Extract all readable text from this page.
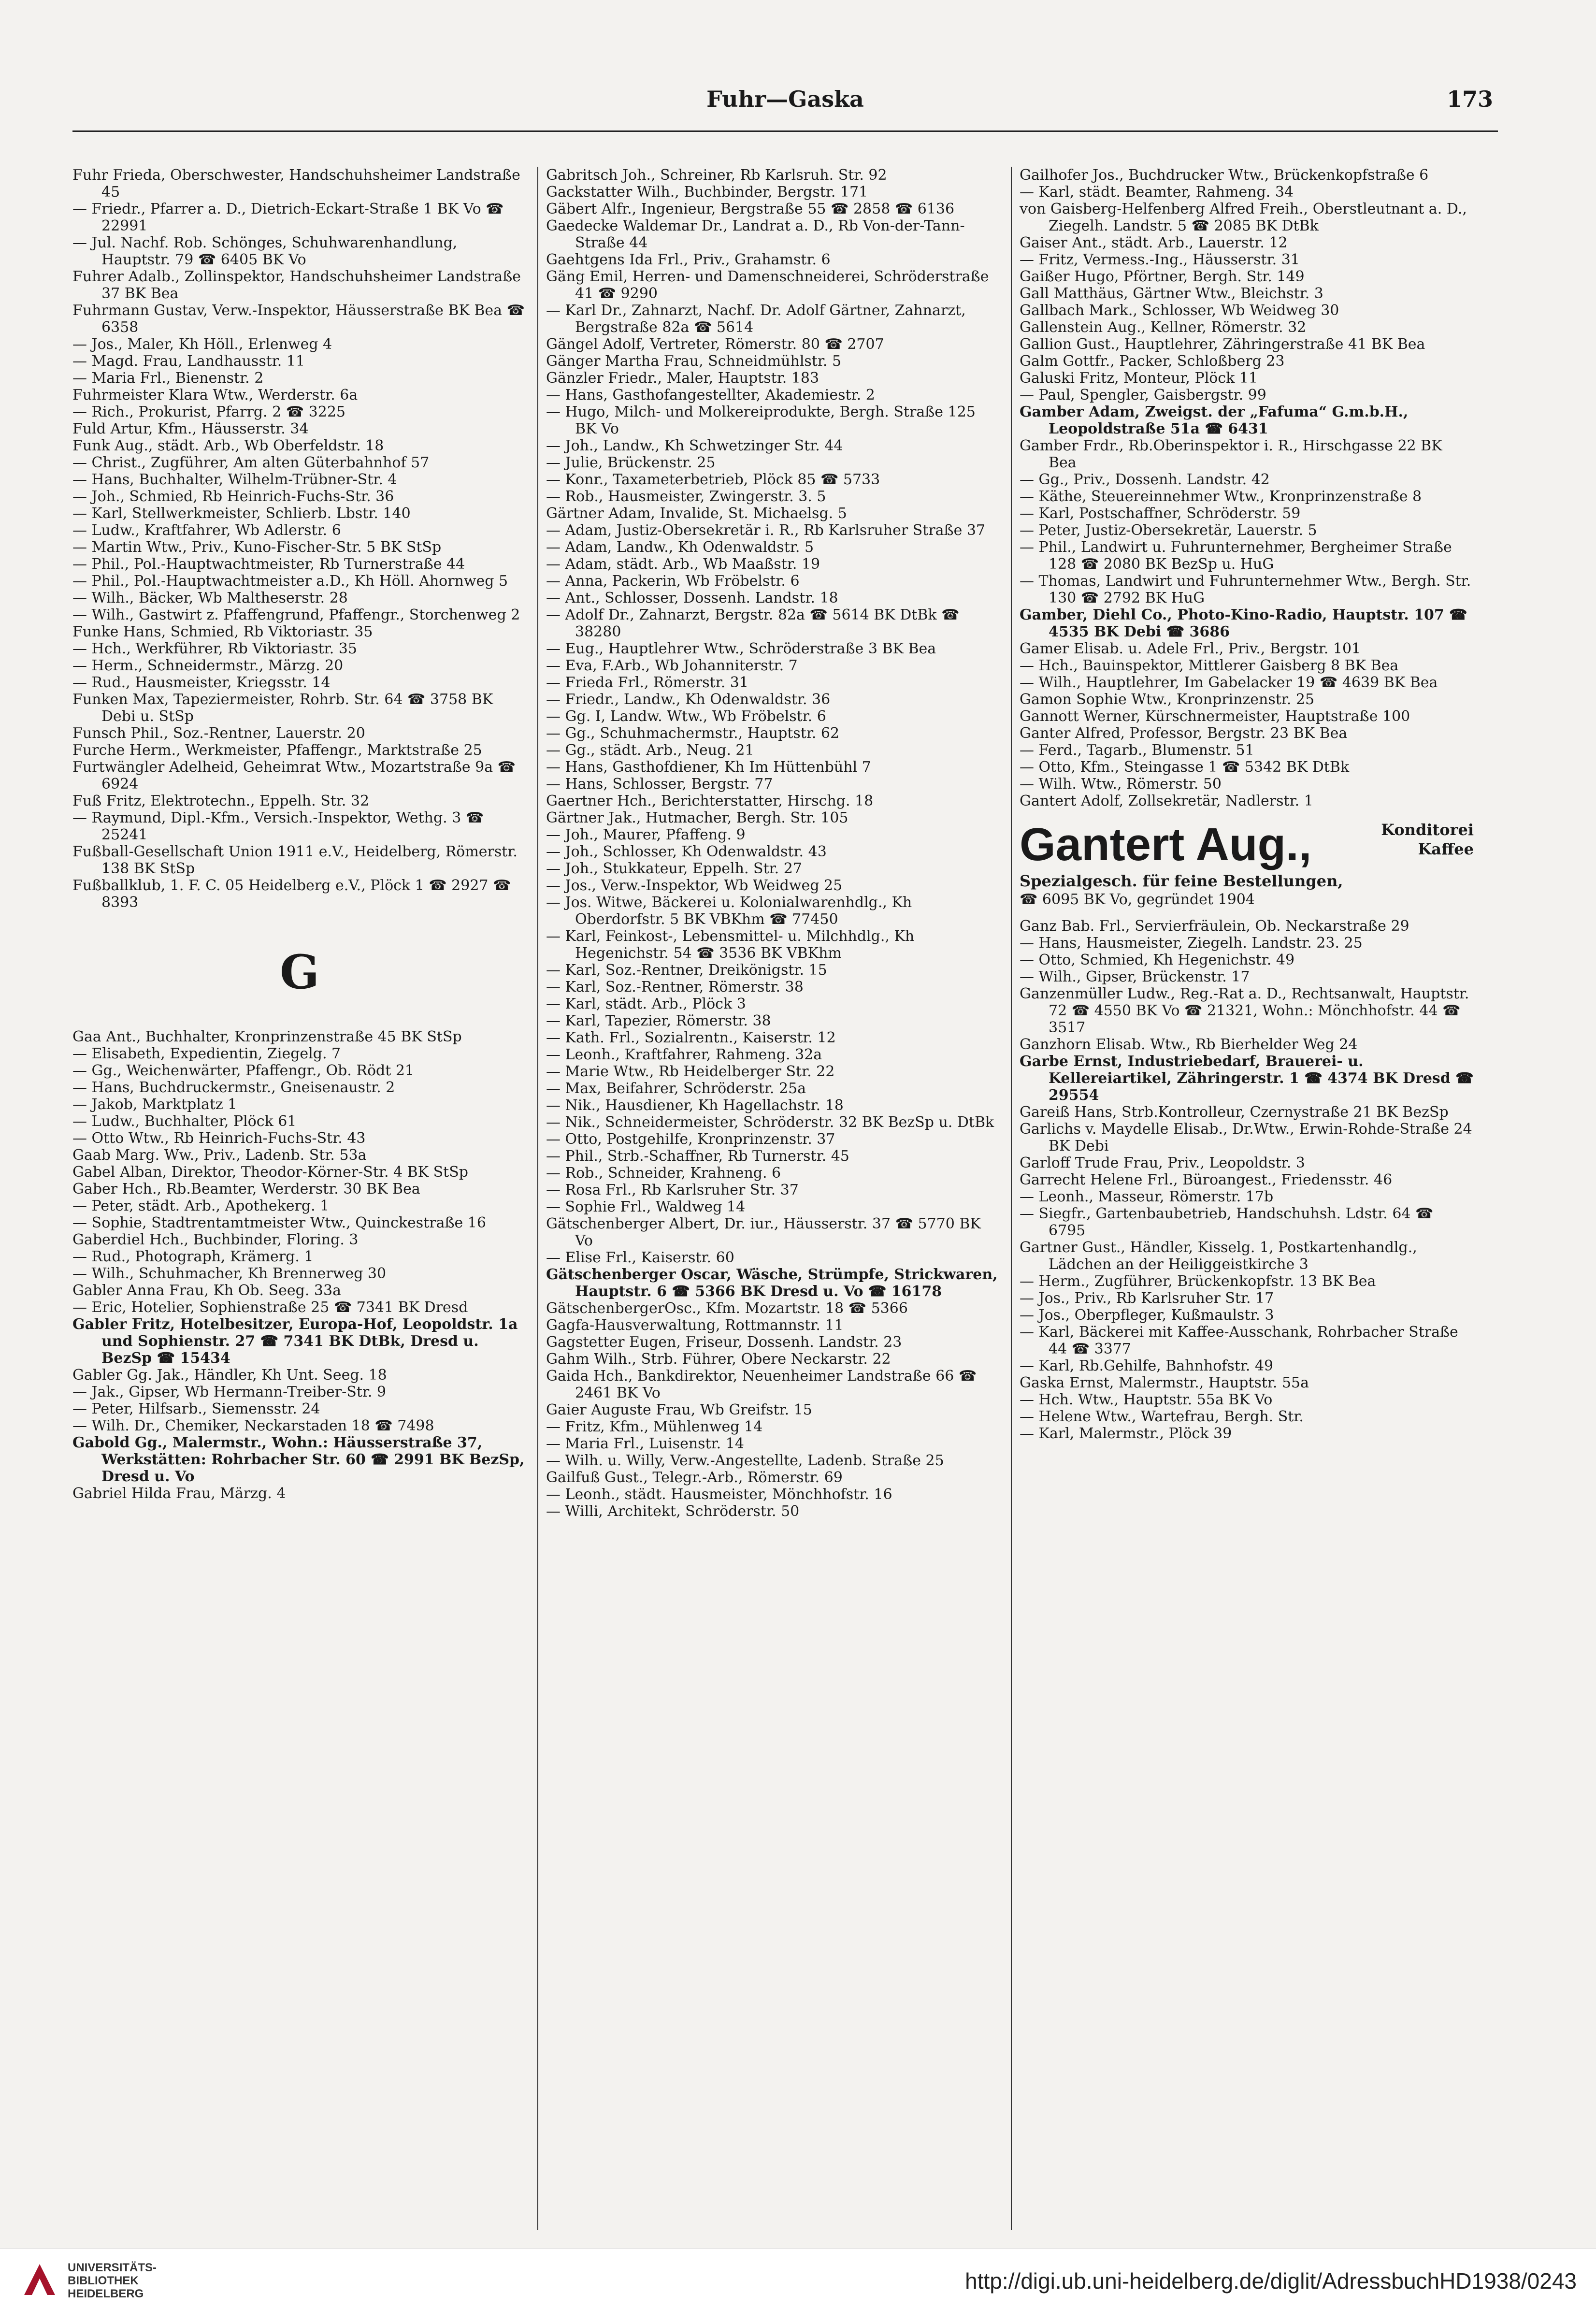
Fuhr—Gaska	173
Fuhr Frieda, Oberschwester, Handschuhsheimer Landstraße 45
— Friedr., Pfarrer a. D., Dietrich-Eckart-Straße 1 BK Vo ☎ 22991
— Jul. Nachf. Rob. Schönges, Schuhwarenhandlung, Hauptstr. 79 ☎ 6405 BK Vo
Fuhrer Adalb., Zollinspektor, Handschuhsheimer Landstraße 37 BK Bea
Fuhrmann Gustav, Verw.-Inspektor, Häusserstraße BK Bea ☎ 6358
— Jos., Maler, Kh Höll., Erlenweg 4
— Magd. Frau, Landhausstr. 11
— Maria Frl., Bienenstr. 2
Fuhrmeister Klara Wtw., Werderstr. 6a
— Rich., Prokurist, Pfarrg. 2 ☎ 3225
Fuld Artur, Kfm., Häusserstr. 34
Funk Aug., städt. Arb., Wb Oberfeldstr. 18
— Christ., Zugführer, Am alten Güterbahnhof 57
— Hans, Buchhalter, Wilhelm-Trübner-Str. 4
— Joh., Schmied, Rb Heinrich-Fuchs-Str. 36
— Karl, Stellwerkmeister, Schlierb. Lbstr. 140
— Ludw., Kraftfahrer, Wb Adlerstr. 6
— Martin Wtw., Priv., Kuno-Fischer-Str. 5 BK StSp
— Phil., Pol.-Hauptwachtmeister, Rb Turnerstraße 44
— Phil., Pol.-Hauptwachtmeister a.D., Kh Höll. Ahornweg 5
— Wilh., Bäcker, Wb Maltheserstr. 28
— Wilh., Gastwirt z. Pfaffengrund, Pfaffengr., Storchenweg 2
Funke Hans, Schmied, Rb Viktoriastr. 35
— Hch., Werkführer, Rb Viktoriastr. 35
— Herm., Schneidermstr., Märzg. 20
— Rud., Hausmeister, Kriegsstr. 14
Funken Max, Tapeziermeister, Rohrb. Str. 64 ☎ 3758 BK Debi u. StSp
Funsch Phil., Soz.-Rentner, Lauerstr. 20
Furche Herm., Werkmeister, Pfaffengr., Marktstraße 25
Furtwängler Adelheid, Geheimrat Wtw., Mozartstraße 9a ☎ 6924
Fuß Fritz, Elektrotechn., Eppelh. Str. 32
— Raymund, Dipl.-Kfm., Versich.-Inspektor, Wethg. 3 ☎ 25241
Fußball-Gesellschaft Union 1911 e.V., Heidelberg, Römerstr. 138 BK StSp
Fußballklub, 1. F. C. 05 Heidelberg e.V., Plöck 1 ☎ 2927 ☎ 8393
G
Gaa Ant., Buchhalter, Kronprinzenstraße 45 BK StSp
— Elisabeth, Expedientin, Ziegelg. 7
— Gg., Weichenwärter, Pfaffengr., Ob. Rödt 21
— Hans, Buchdruckermstr., Gneisenaustr. 2
— Jakob, Marktplatz 1
— Ludw., Buchhalter, Plöck 61
— Otto Wtw., Rb Heinrich-Fuchs-Str. 43
Gaab Marg. Ww., Priv., Ladenb. Str. 53a
Gabel Alban, Direktor, Theodor-Körner-Str. 4 BK StSp
Gaber Hch., Rb.Beamter, Werderstr. 30 BK Bea
— Peter, städt. Arb., Apothekerg. 1
— Sophie, Stadtrentamtmeister Wtw., Quinckestraße 16
Gaberdiel Hch., Buchbinder, Floring. 3
— Rud., Photograph, Krämerg. 1
— Wilh., Schuhmacher, Kh Brennerweg 30
Gabler Anna Frau, Kh Ob. Seeg. 33a
— Eric, Hotelier, Sophienstraße 25 ☎ 7341 BK Dresd
Gabler Fritz, Hotelbesitzer, Europa-Hof, Leopoldstr. 1a und Sophienstr. 27 ☎ 7341 BK DtBk, Dresd u. BezSp ☎ 15434
Gabler Gg. Jak., Händler, Kh Unt. Seeg. 18
— Jak., Gipser, Wb Hermann-Treiber-Str. 9
— Peter, Hilfsarb., Siemensstr. 24
— Wilh. Dr., Chemiker, Neckarstaden 18 ☎ 7498
Gabold Gg., Malermstr., Wohn.: Häusserstraße 37, Werkstätten: Rohrbacher Str. 60 ☎ 2991 BK BezSp, Dresd u. Vo
Gabriel Hilda Frau, Märzg. 4
Gabritsch Joh., Schreiner, Rb Karlsruh. Str. 92
Gackstatter Wilh., Buchbinder, Bergstr. 171
Gäbert Alfr., Ingenieur, Bergstraße 55 ☎ 2858 ☎ 6136
Gaedecke Waldemar Dr., Landrat a. D., Rb Von-der-Tann-Straße 44
Gaehtgens Ida Frl., Priv., Grahamstr. 6
Gäng Emil, Herren- und Damenschneiderei, Schröderstraße 41 ☎ 9290
— Karl Dr., Zahnarzt, Nachf. Dr. Adolf Gärtner, Zahnarzt, Bergstraße 82a ☎ 5614
Gängel Adolf, Vertreter, Römerstr. 80 ☎ 2707
Gänger Martha Frau, Schneidmühlstr. 5
Gänzler Friedr., Maler, Hauptstr. 183
— Hans, Gasthofangestellter, Akademiestr. 2
— Hugo, Milch- und Molkereiprodukte, Bergh. Straße 125 BK Vo
— Joh., Landw., Kh Schwetzinger Str. 44
— Julie, Brückenstr. 25
— Konr., Taxameterbetrieb, Plöck 85 ☎ 5733
— Rob., Hausmeister, Zwingerstr. 3. 5
Gärtner Adam, Invalide, St. Michaelsg. 5
— Adam, Justiz-Obersekretär i. R., Rb Karlsruher Straße 37
— Adam, Landw., Kh Odenwaldstr. 5
— Adam, städt. Arb., Wb Maaßstr. 19
— Anna, Packerin, Wb Fröbelstr. 6
— Ant., Schlosser, Dossenh. Landstr. 18
— Adolf Dr., Zahnarzt, Bergstr. 82a ☎ 5614 BK DtBk ☎ 38280
— Eug., Hauptlehrer Wtw., Schröderstraße 3 BK Bea
— Eva, F.Arb., Wb Johanniterstr. 7
— Frieda Frl., Römerstr. 31
— Friedr., Landw., Kh Odenwaldstr. 36
— Gg. I, Landw. Wtw., Wb Fröbelstr. 6
— Gg., Schuhmachermstr., Hauptstr. 62
— Gg., städt. Arb., Neug. 21
— Hans, Gasthofdiener, Kh Im Hüttenbühl 7
— Hans, Schlosser, Bergstr. 77
Gaertner Hch., Berichterstatter, Hirschg. 18
Gärtner Jak., Hutmacher, Bergh. Str. 105
— Joh., Maurer, Pfaffeng. 9
— Joh., Schlosser, Kh Odenwaldstr. 43
— Joh., Stukkateur, Eppelh. Str. 27
— Jos., Verw.-Inspektor, Wb Weidweg 25
— Jos. Witwe, Bäckerei u. Kolonialwarenhdlg., Kh Oberdorfstr. 5 BK VBKhm ☎ 77450
— Karl, Feinkost-, Lebensmittel- u. Milchhdlg., Kh Hegenichstr. 54 ☎ 3536 BK VBKhm
— Karl, Soz.-Rentner, Dreikönigstr. 15
— Karl, Soz.-Rentner, Römerstr. 38
— Karl, städt. Arb., Plöck 3
— Karl, Tapezier, Römerstr. 38
— Kath. Frl., Sozialrentn., Kaiserstr. 12
— Leonh., Kraftfahrer, Rahmeng. 32a
— Marie Wtw., Rb Heidelberger Str. 22
— Max, Beifahrer, Schröderstr. 25a
— Nik., Hausdiener, Kh Hagellachstr. 18
— Nik., Schneidermeister, Schröderstr. 32 BK BezSp u. DtBk
— Otto, Postgehilfe, Kronprinzenstr. 37
— Phil., Strb.-Schaffner, Rb Turnerstr. 45
— Rob., Schneider, Krahneng. 6
— Rosa Frl., Rb Karlsruher Str. 37
— Sophie Frl., Waldweg 14
Gätschenberger Albert, Dr. iur., Häusserstr. 37 ☎ 5770 BK Vo
— Elise Frl., Kaiserstr. 60
Gätschenberger Oscar, Wäsche, Strümpfe, Strickwaren, Hauptstr. 6 ☎ 5366 BK Dresd u. Vo ☎ 16178
GätschenbergerOsc., Kfm. Mozartstr. 18 ☎ 5366
Gagfa-Hausverwaltung, Rottmannstr. 11
Gagstetter Eugen, Friseur, Dossenh. Landstr. 23
Gahm Wilh., Strb. Führer, Obere Neckarstr. 22
Gaida Hch., Bankdirektor, Neuenheimer Landstraße 66 ☎ 2461 BK Vo
Gaier Auguste Frau, Wb Greifstr. 15
— Fritz, Kfm., Mühlenweg 14
— Maria Frl., Luisenstr. 14
— Wilh. u. Willy, Verw.-Angestellte, Ladenb. Straße 25
Gailfuß Gust., Telegr.-Arb., Römerstr. 69
— Leonh., städt. Hausmeister, Mönchhofstr. 16
— Willi, Architekt, Schröderstr. 50
Gailhofer Jos., Buchdrucker Wtw., Brückenkopfstraße 6
— Karl, städt. Beamter, Rahmeng. 34
von Gaisberg-Helfenberg Alfred Freih., Oberstleutnant a. D., Ziegelh. Landstr. 5 ☎ 2085 BK DtBk
Gaiser Ant., städt. Arb., Lauerstr. 12
— Fritz, Vermess.-Ing., Häusserstr. 31
Gaißer Hugo, Pförtner, Bergh. Str. 149
Gall Matthäus, Gärtner Wtw., Bleichstr. 3
Gallbach Mark., Schlosser, Wb Weidweg 30
Gallenstein Aug., Kellner, Römerstr. 32
Gallion Gust., Hauptlehrer, Zähringerstraße 41 BK Bea
Galm Gottfr., Packer, Schloßberg 23
Galuski Fritz, Monteur, Plöck 11
— Paul, Spengler, Gaisbergstr. 99
Gamber Adam, Zweigst. der „Fafuma“ G.m.b.H., Leopoldstraße 51a ☎ 6431
Gamber Frdr., Rb.Oberinspektor i. R., Hirschgasse 22 BK Bea
— Gg., Priv., Dossenh. Landstr. 42
— Käthe, Steuereinnehmer Wtw., Kronprinzenstraße 8
— Karl, Postschaffner, Schröderstr. 59
— Peter, Justiz-Obersekretär, Lauerstr. 5
— Phil., Landwirt u. Fuhrunternehmer, Bergheimer Straße 128 ☎ 2080 BK BezSp u. HuG
— Thomas, Landwirt und Fuhrunternehmer Wtw., Bergh. Str. 130 ☎ 2792 BK HuG
Gamber, Diehl Co., Photo-Kino-Radio, Hauptstr. 107 ☎ 4535 BK Debi ☎ 3686
Gamer Elisab. u. Adele Frl., Priv., Bergstr. 101
— Hch., Bauinspektor, Mittlerer Gaisberg 8 BK Bea
— Wilh., Hauptlehrer, Im Gabelacker 19 ☎ 4639 BK Bea
Gamon Sophie Wtw., Kronprinzenstr. 25
Gannott Werner, Kürschnermeister, Hauptstraße 100
Ganter Alfred, Professor, Bergstr. 23 BK Bea
— Ferd., Tagarb., Blumenstr. 51
— Otto, Kfm., Steingasse 1 ☎ 5342 BK DtBk
— Wilh. Wtw., Römerstr. 50
Gantert Adolf, Zollsekretär, Nadlerstr. 1
Gantert Aug.,	Konditorei
Kaffee
Spezialgesch. für feine Bestellungen,
☎ 6095 BK Vo, gegründet 1904
Ganz Bab. Frl., Servierfräulein, Ob. Neckarstraße 29
— Hans, Hausmeister, Ziegelh. Landstr. 23. 25
— Otto, Schmied, Kh Hegenichstr. 49
— Wilh., Gipser, Brückenstr. 17
Ganzenmüller Ludw., Reg.-Rat a. D., Rechtsanwalt, Hauptstr. 72 ☎ 4550 BK Vo ☎ 21321, Wohn.: Mönchhofstr. 44 ☎ 3517
Ganzhorn Elisab. Wtw., Rb Bierhelder Weg 24
Garbe Ernst, Industriebedarf, Brauerei- u. Kellereiartikel, Zähringerstr. 1 ☎ 4374 BK Dresd ☎ 29554
Gareiß Hans, Strb.Kontrolleur, Czernystraße 21 BK BezSp
Garlichs v. Maydelle Elisab., Dr.Wtw., Erwin-Rohde-Straße 24 BK Debi
Garloff Trude Frau, Priv., Leopoldstr. 3
Garrecht Helene Frl., Büroangest., Friedensstr. 46
— Leonh., Masseur, Römerstr. 17b
— Siegfr., Gartenbaubetrieb, Handschuhsh. Ldstr. 64 ☎ 6795
Gartner Gust., Händler, Kisselg. 1, Postkartenhandlg., Lädchen an der Heiliggeistkirche 3
— Herm., Zugführer, Brückenkopfstr. 13 BK Bea
— Jos., Priv., Rb Karlsruher Str. 17
— Jos., Oberpfleger, Kußmaulstr. 3
— Karl, Bäckerei mit Kaffee-Ausschank, Rohrbacher Straße 44 ☎ 3377
— Karl, Rb.Gehilfe, Bahnhofstr. 49
Gaska Ernst, Malermstr., Hauptstr. 55a
— Hch. Wtw., Hauptstr. 55a BK Vo
— Helene Wtw., Wartefrau, Bergh. Str.
— Karl, Malermstr., Plöck 39
UNIVERSITÄTS-
BIBLIOTHEK
HEIDELBERG
http://digi.ub.uni-heidelberg.de/diglit/AdressbuchHD1938/0243
